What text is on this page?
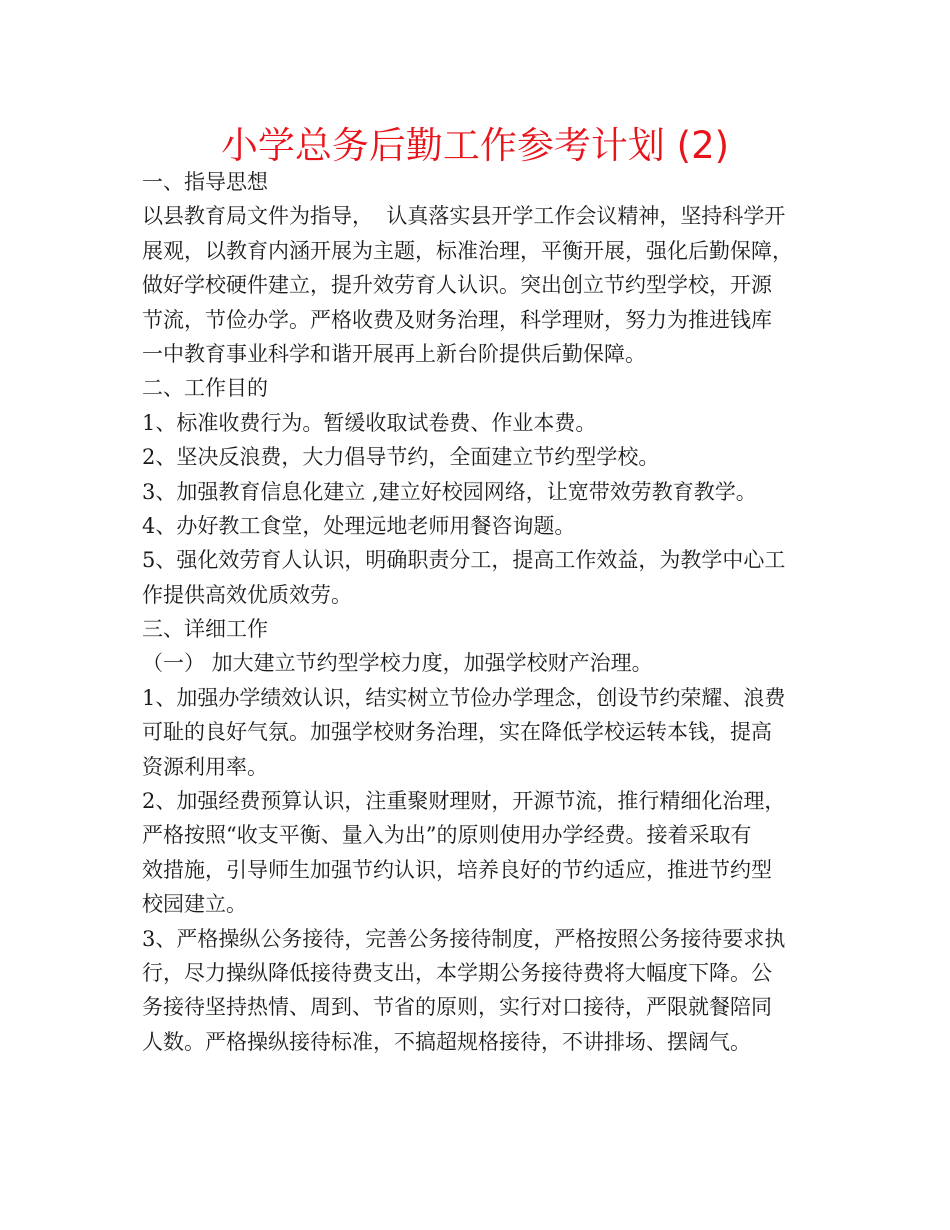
小学总务后勤工作参考计划 (2)

一、指导思想

以县教育局文件为指导，  认真落实县开学工作会议精神，坚持科学开

展观，以教育内涵开展为主题，标准治理，平衡开展，强化后勤保障，

做好学校硬件建立，提升效劳育人认识。突出创立节约型学校，开源

节流，节俭办学。严格收费及财务治理，科学理财，努力为推进钱库

一中教育事业科学和谐开展再上新台阶提供后勤保障。

二、工作目的

1、标准收费行为。暂缓收取试卷费、作业本费。

2、坚决反浪费，大力倡导节约，全面建立节约型学校。

3、加强教育信息化建立 ,建立好校园网络，让宽带效劳教育教学。

4、办好教工食堂，处理远地老师用餐咨询题。

5、强化效劳育人认识，明确职责分工，提高工作效益，为教学中心工

作提供高效优质效劳。

三、详细工作

（一） 加大建立节约型学校力度，加强学校财产治理。

1、加强办学绩效认识，结实树立节俭办学理念，创设节约荣耀、浪费

可耻的良好气氛。加强学校财务治理，实在降低学校运转本钱，提高

资源利用率。

2、加强经费预算认识，注重聚财理财，开源节流，推行精细化治理，

严格按照“收支平衡、量入为出”的原则使用办学经费。接着采取有

效措施，引导师生加强节约认识，培养良好的节约适应，推进节约型

校园建立。

3、严格操纵公务接待，完善公务接待制度，严格按照公务接待要求执

行，尽力操纵降低接待费支出，本学期公务接待费将大幅度下降。公

务接待坚持热情、周到、节省的原则，实行对口接待，严限就餐陪同

人数。严格操纵接待标准，不搞超规格接待，不讲排场、摆阔气。
